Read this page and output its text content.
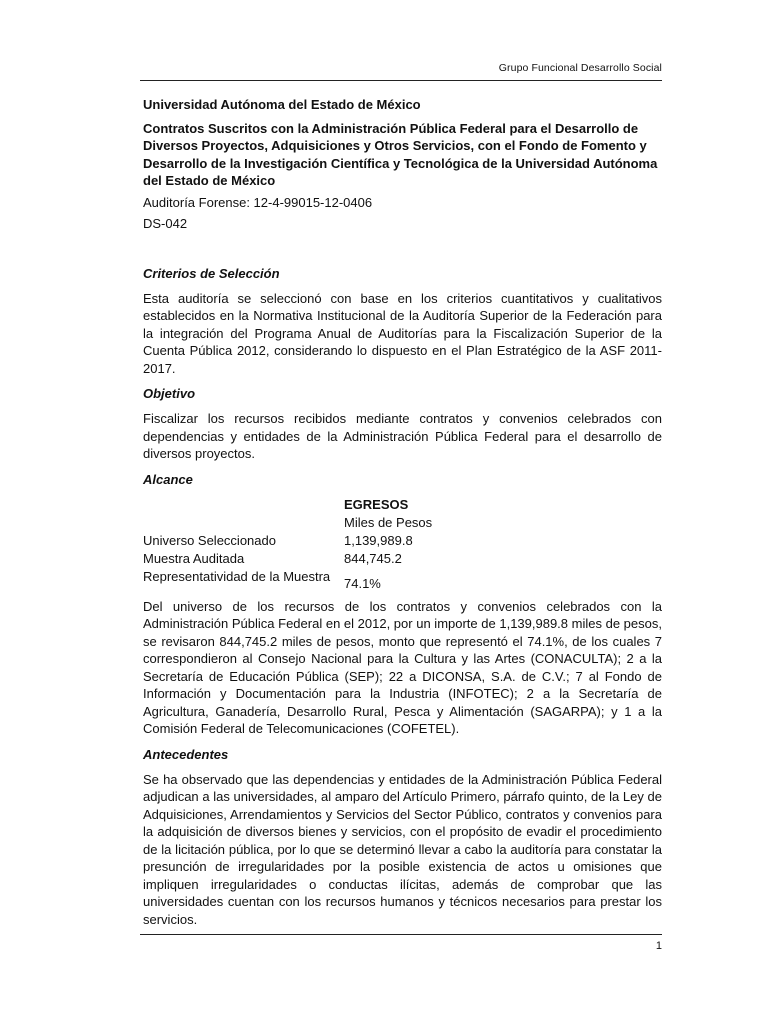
Grupo Funcional Desarrollo Social

Universidad Autónoma del Estado de México

Contratos Suscritos con la Administración Pública Federal para el Desarrollo de Diversos Proyectos, Adquisiciones y Otros Servicios, con el Fondo de Fomento y Desarrollo de la Investigación Científica y Tecnológica de la Universidad Autónoma del Estado de México

Auditoría Forense: 12-4-99015-12-0406

DS-042

Criterios de Selección

Esta auditoría se seleccionó con base en los criterios cuantitativos y cualitativos establecidos en la Normativa Institucional de la Auditoría Superior de la Federación para la integración del Programa Anual de Auditorías para la Fiscalización Superior de la Cuenta Pública 2012, considerando lo dispuesto en el Plan Estratégico de la ASF 2011-2017.

Objetivo

Fiscalizar los recursos recibidos mediante contratos y convenios celebrados con dependencias y entidades de la Administración Pública Federal para el desarrollo de diversos proyectos.

Alcance
EGRESOS
Miles de Pesos
Universo Seleccionado	1,139,989.8
Muestra Auditada	844,745.2
Representatividad de la Muestra 74.1%

Del universo de los recursos de los contratos y convenios celebrados con la Administración Pública Federal en el 2012, por un importe de 1,139,989.8 miles de pesos, se revisaron 844,745.2 miles de pesos, monto que representó el 74.1%, de los cuales 7 correspondieron al Consejo Nacional para la Cultura y las Artes (CONACULTA); 2 a la Secretaría de Educación Pública (SEP); 22 a DICONSA, S.A. de C.V.; 7 al Fondo de Información y Documentación para la Industria (INFOTEC); 2 a la Secretaría de Agricultura, Ganadería, Desarrollo Rural, Pesca y Alimentación (SAGARPA); y 1 a la Comisión Federal de Telecomunicaciones (COFETEL).

Antecedentes

Se ha observado que las dependencias y entidades de la Administración Pública Federal adjudican a las universidades, al amparo del Artículo Primero, párrafo quinto, de la Ley de Adquisiciones, Arrendamientos y Servicios del Sector Público, contratos y convenios para la adquisición de diversos bienes y servicios, con el propósito de evadir el procedimiento de la licitación pública, por lo que se determinó llevar a cabo la auditoría para constatar la presunción de irregularidades por la posible existencia de actos u omisiones que impliquen irregularidades o conductas ilícitas, además de comprobar que las universidades cuentan con los recursos humanos y técnicos necesarios para prestar los servicios.

1
